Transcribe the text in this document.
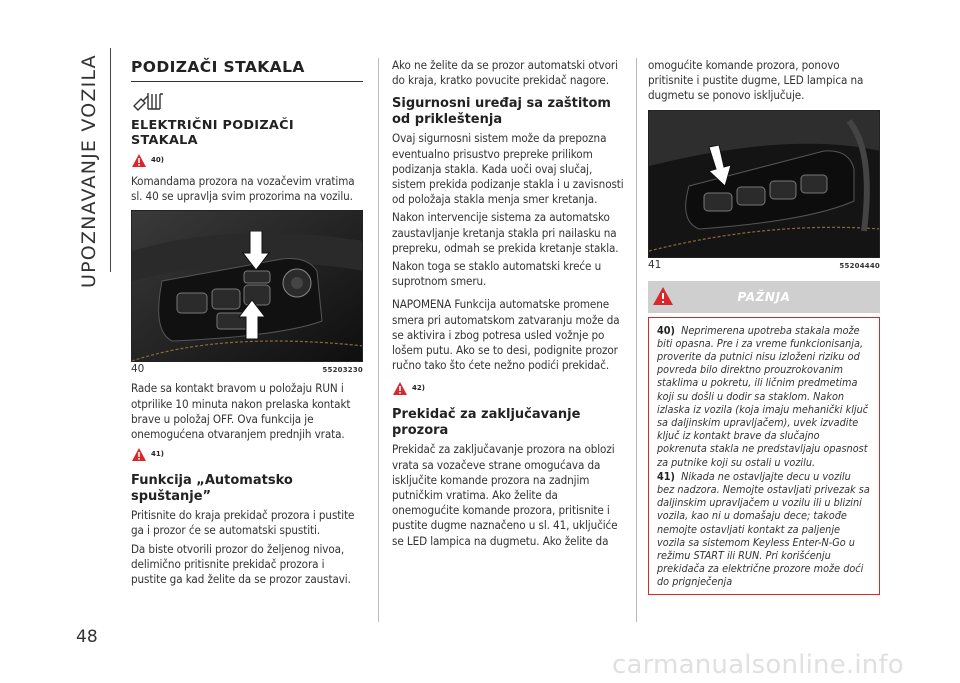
UPOZNAVANJE VOZILA
48
PODIZAČI STAKALA
ELEKTRIČNI PODIZAČI STAKALA
40)
Komandama prozora na vozačevim vratima sl. 40 se upravlja svim prozorima na vozilu.
40	55203230
Rade sa kontakt bravom u položaju RUN i otprilike 10 minuta nakon prelaska kontakt brave u položaj OFF. Ova funkcija je onemogućena otvaranjem prednjih vrata.
41)
Funkcija „Automatsko spuštanje”
Pritisnite do kraja prekidač prozora i pustite ga i prozor će se automatski spustiti.
Da biste otvorili prozor do željenog nivoa, delimično pritisnite prekidač prozora i pustite ga kad želite da se prozor zaustavi.
Ako ne želite da se prozor automatski otvori do kraja, kratko povucite prekidač nagore.
Sigurnosni uređaj sa zaštitom od prikleštenja
Ovaj sigurnosni sistem može da prepozna eventualno prisustvo prepreke prilikom podizanja stakla. Kada uoči ovaj slučaj, sistem prekida podizanje stakla i u zavisnosti od položaja stakla menja smer kretanja.
Nakon intervencije sistema za automatsko zaustavljanje kretanja stakla pri nailasku na prepreku, odmah se prekida kretanje stakla.
Nakon toga se staklo automatski kreće u suprotnom smeru.
NAPOMENA Funkcija automatske promene smera pri automatskom zatvaranju može da se aktivira i zbog potresa usled vožnje po lošem putu. Ako se to desi, podignite prozor ručno tako što ćete nežno podići prekidač.
42)
Prekidač za zaključavanje prozora
Prekidač za zaključavanje prozora na oblozi vrata sa vozačeve strane omogućava da isključite komande prozora na zadnjim putničkim vratima. Ako želite da onemogućite komande prozora, pritisnite i pustite dugme naznačeno u sl. 41, uključiće se LED lampica na dugmetu. Ako želite da
omogućite komande prozora, ponovo pritisnite i pustite dugme, LED lampica na dugmetu se ponovo isključuje.
41	55204440
PAŽNJA
40) Neprimerena upotreba stakala može biti opasna. Pre i za vreme funkcionisanja, proverite da putnici nisu izloženi riziku od povreda bilo direktno prouzrokovanim staklima u pokretu, ili ličnim predmetima koji su došli u dodir sa staklom. Nakon izlaska iz vozila (koja imaju mehanički ključ sa daljinskim upravljačem), uvek izvadite ključ iz kontakt brave da slučajno pokrenuta stakla ne predstavljaju opasnost za putnike koji su ostali u vozilu.
41) Nikada ne ostavljajte decu u vozilu bez nadzora. Nemojte ostavljati privezak sa daljinskim upravljačem u vozilu ili u blizini vozila, kao ni u domašaju dece; takođe nemojte ostavljati kontakt za paljenje vozila sa sistemom Keyless Enter-N-Go u režimu START ili RUN. Pri korišćenju prekidača za električne prozore može doći do prignječenja
carmanualsonline.info
